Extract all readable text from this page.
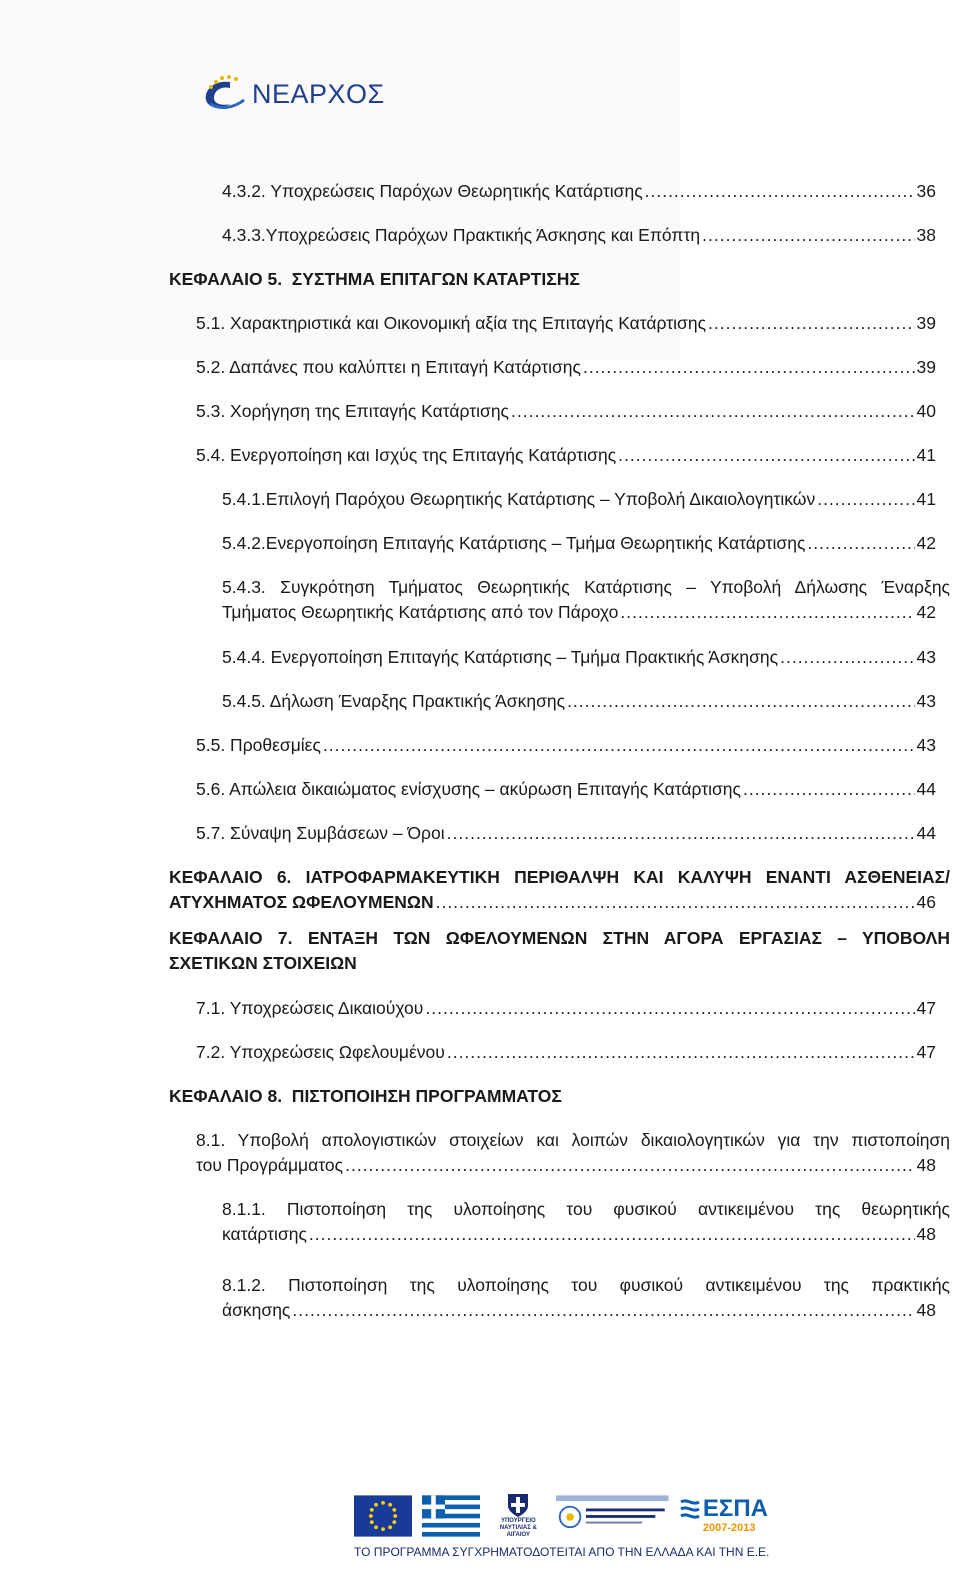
ΝΕΑΡΧΟΣ
4.3.2. Υποχρεώσεις Παρόχων Θεωρητικής Κατάρτισης .....	36
4.3.3.Υποχρεώσεις Παρόχων Πρακτικής Άσκησης και Επόπτη .....	38
ΚΕΦΑΛΑΙΟ 5.  ΣΥΣΤΗΜΑ ΕΠΙΤΑΓΩΝ ΚΑΤΑΡΤΙΣΗΣ
5.1. Χαρακτηριστικά και Οικονομική αξία της Επιταγής Κατάρτισης .....	39
5.2. Δαπάνες που καλύπτει η Επιταγή Κατάρτισης .....	39
5.3. Χορήγηση της Επιταγής Κατάρτισης .....	40
5.4. Ενεργοποίηση και Ισχύς της Επιταγής Κατάρτισης .....	41
5.4.1.Επιλογή Παρόχου Θεωρητικής Κατάρτισης – Υποβολή Δικαιολογητικών .....	41
5.4.2.Ενεργοποίηση Επιταγής Κατάρτισης – Τμήμα Θεωρητικής Κατάρτισης .....	42
5.4.3. Συγκρότηση Τμήματος Θεωρητικής Κατάρτισης – Υποβολή Δήλωσης Έναρξης
Τμήματος Θεωρητικής Κατάρτισης από τον Πάροχο .....	42
5.4.4. Ενεργοποίηση Επιταγής Κατάρτισης – Τμήμα Πρακτικής Άσκησης .....	43
5.4.5. Δήλωση Έναρξης Πρακτικής Άσκησης .....	43
5.5. Προθεσμίες .....	43
5.6. Απώλεια δικαιώματος ενίσχυσης – ακύρωση Επιταγής Κατάρτισης .....	44
5.7. Σύναψη Συμβάσεων – Όροι .....	44
ΚΕΦΑΛΑΙΟ 6. ΙΑΤΡΟΦΑΡΜΑΚΕΥΤΙΚΗ ΠΕΡΙΘΑΛΨΗ ΚΑΙ ΚΑΛΥΨΗ ΕΝΑΝΤΙ ΑΣΘΕΝΕΙΑΣ/
ΑΤΥΧΗΜΑΤΟΣ ΩΦΕΛΟΥΜΕΝΩΝ .....	46
ΚΕΦΑΛΑΙΟ 7. ΕΝΤΑΞΗ ΤΩΝ ΩΦΕΛΟΥΜΕΝΩΝ ΣΤΗΝ ΑΓΟΡΑ ΕΡΓΑΣΙΑΣ – ΥΠΟΒΟΛΗ
ΣΧΕΤΙΚΩΝ ΣΤΟΙΧΕΙΩΝ
7.1. Υποχρεώσεις Δικαιούχου .....	47
7.2. Υποχρεώσεις Ωφελουμένου .....	47
ΚΕΦΑΛΑΙΟ 8.  ΠΙΣΤΟΠΟΙΗΣΗ ΠΡΟΓΡΑΜΜΑΤΟΣ
8.1. Υποβολή απολογιστικών στοιχείων και λοιπών δικαιολογητικών για την πιστοποίηση
του Προγράμματος .....	48
8.1.1. Πιστοποίηση της υλοποίησης του φυσικού αντικειμένου της θεωρητικής
κατάρτισης .....	48
8.1.2. Πιστοποίηση της υλοποίησης του φυσικού αντικειμένου της πρακτικής
άσκησης .....	48
ΥΠΟΥΡΓΕΙΟ ΝΑΥΤΙΛΙΑΣ & ΑΙΓΑΙΟΥ
ΕΣΠΑ
2007-2013
ΤΟ ΠΡΟΓΡΑΜΜΑ ΣΥΓΧΡΗΜΑΤΟΔΟΤΕΙΤΑΙ ΑΠΟ ΤΗΝ ΕΛΛΑΔΑ ΚΑΙ ΤΗΝ Ε.Ε.
